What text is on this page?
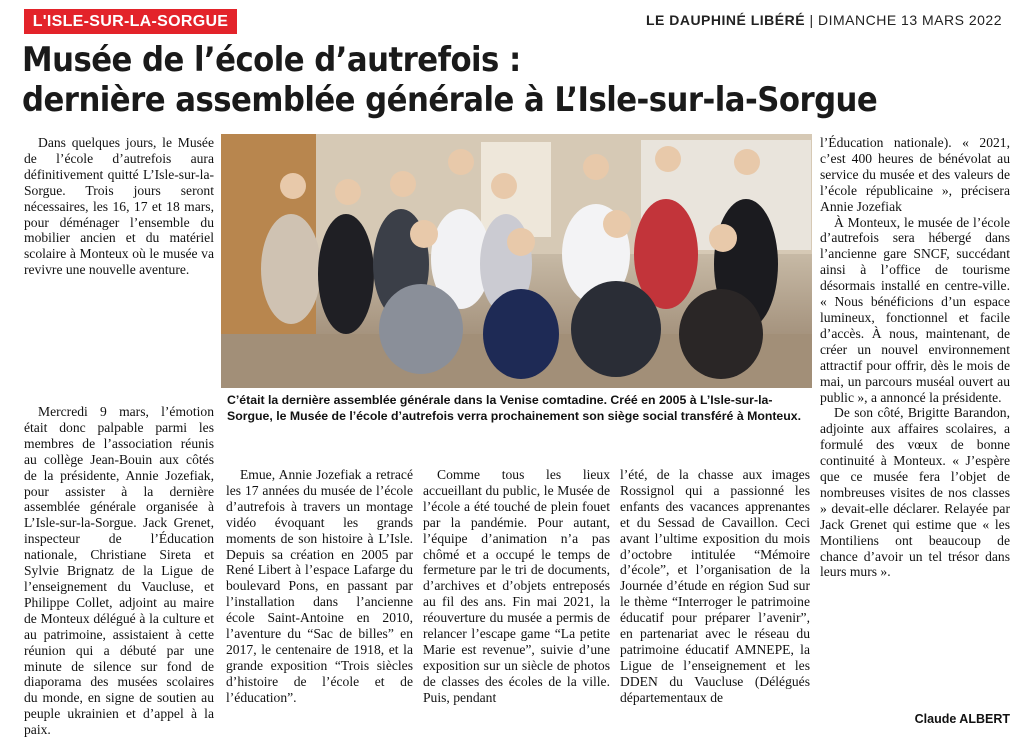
L'ISLE-SUR-LA-SORGUE	LE DAUPHINÉ LIBÉRÉ | DIMANCHE 13 MARS 2022
Musée de l’école d’autrefois :
dernière assemblée générale à L’Isle-sur-la-Sorgue

Dans quelques jours, le Musée de l’école d’autrefois aura définitivement quitté L’Isle-sur-la-Sorgue. Trois jours seront nécessaires, les 16, 17 et 18 mars, pour déménager l’ensemble du mobilier ancien et du matériel scolaire à Monteux où le musée va revivre une nouvelle aventure.

Mercredi 9 mars, l’émotion était donc palpable parmi les membres de l’association réunis au collège Jean-Bouin aux côtés de la présidente, Annie Jozefiak, pour assister à la dernière assemblée générale organisée à L’Isle-sur-la-Sorgue. Jack Grenet, inspecteur de l’Éducation nationale, Christiane Sireta et Sylvie Brignatz de la Ligue de l’enseignement du Vaucluse, et Philippe Collet, adjoint au maire de Monteux délégué à la culture et au patrimoine, assistaient à cette réunion qui a débuté par une minute de silence sur fond de diaporama des musées scolaires du monde, en signe de soutien au peuple ukrainien et d’appel à la paix.

C’était la dernière assemblée générale dans la Venise comtadine. Créé en 2005 à L’Isle-sur-la-Sorgue, le Musée de l’école d’autrefois verra prochainement son siège social transféré à Monteux.

Emue, Annie Jozefiak a retracé les 17 années du musée de l’école d’autrefois à travers un montage vidéo évoquant les grands moments de son histoire à L’Isle. Depuis sa création en 2005 par René Libert à l’espace Lafarge du boulevard Pons, en passant par l’installation dans l’ancienne école Saint-Antoine en 2010, l’aventure du “Sac de billes” en 2017, le centenaire de 1918, et la grande exposition “Trois siècles d’histoire de l’école et de l’éducation”.

Comme tous les lieux accueillant du public, le Musée de l’école a été touché de plein fouet par la pandémie. Pour autant, l’équipe d’animation n’a pas chômé et a occupé le temps de fermeture par le tri de documents, d’archives et d’objets entreposés au fil des ans. Fin mai 2021, la réouverture du musée a permis de relancer l’escape game “La petite Marie est revenue”, suivie d’une exposition sur un siècle de photos de classes des écoles de la ville. Puis, pendant

l’été, de la chasse aux images Rossignol qui a passionné les enfants des vacances apprenantes et du Sessad de Cavaillon. Ceci avant l’ultime exposition du mois d’octobre intitulée “Mémoire d’école”, et l’organisation de la Journée d’étude en région Sud sur le thème “Interroger le patrimoine éducatif pour préparer l’avenir”, en partenariat avec le réseau du patrimoine éducatif AMNEPE, la Ligue de l’enseignement et les DDEN du Vaucluse (Délégués départementaux de

l’Éducation nationale). « 2021, c’est 400 heures de bénévolat au service du musée et des valeurs de l’école républicaine », précisera Annie Jozefiak

À Monteux, le musée de l’école d’autrefois sera hébergé dans l’ancienne gare SNCF, succédant ainsi à l’office de tourisme désormais installé en centre-ville. « Nous bénéficions d’un espace lumineux, fonctionnel et facile d’accès. À nous, maintenant, de créer un nouvel environnement attractif pour offrir, dès le mois de mai, un parcours muséal ouvert au public », a annoncé la présidente.

De son côté, Brigitte Barandon, adjointe aux affaires scolaires, a formulé des vœux de bonne continuité à Monteux. « J’espère que ce musée fera l’objet de nombreuses visites de nos classes » devait-elle déclarer. Relayée par Jack Grenet qui estime que « les Montiliens ont beaucoup de chance d’avoir un tel trésor dans leurs murs ».

Claude ALBERT
